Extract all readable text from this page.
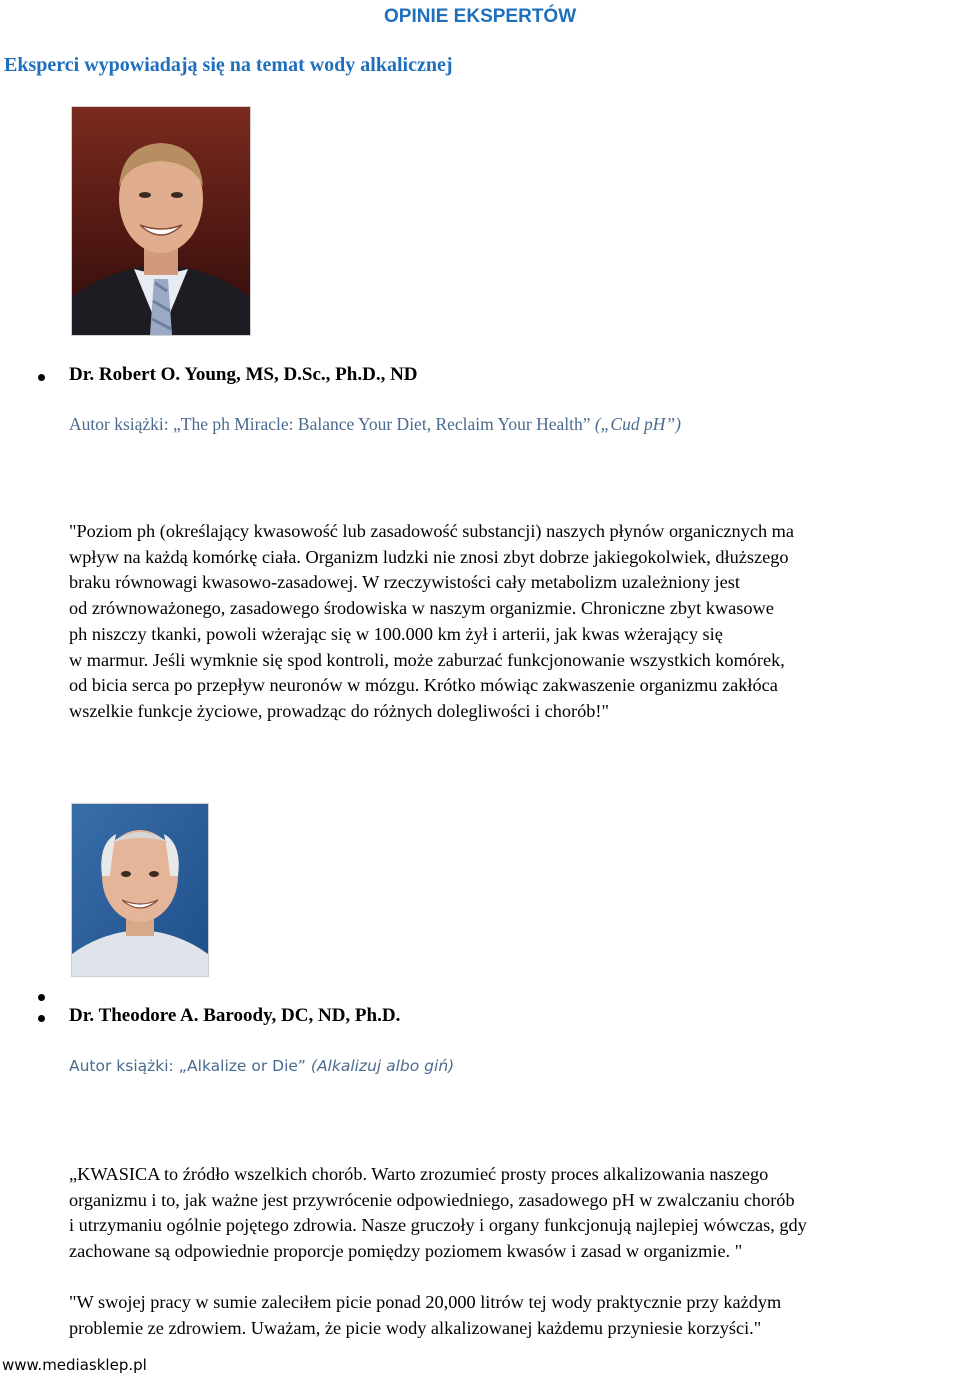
OPINIE EKSPERTÓW
Eksperci wypowiadają się na temat wody alkalicznej
Dr. Robert O. Young, MS, D.Sc., Ph.D., ND
Autor książki: „The ph Miracle: Balance Your Diet, Reclaim Your Health” („Cud pH”)

"Poziom ph (określający kwasowość lub zasadowość substancji) naszych płynów organicznych ma

wpływ na każdą komórkę ciała. Organizm ludzki nie znosi zbyt dobrze jakiegokolwiek, dłuższego

braku równowagi kwasowo-zasadowej. W rzeczywistości cały metabolizm uzależniony jest

od zrównoważonego, zasadowego środowiska w naszym organizmie. Chroniczne zbyt kwasowe

ph niszczy tkanki, powoli wżerając się w 100.000 km żył i arterii, jak kwas wżerający się

w marmur. Jeśli wymknie się spod kontroli, może zaburzać funkcjonowanie wszystkich komórek,

od bicia serca po przepływ neuronów w mózgu. Krótko mówiąc zakwaszenie organizmu zakłóca

wszelkie funkcje życiowe, prowadząc do różnych dolegliwości i chorób!"

Dr. Theodore A. Baroody, DC, ND, Ph.D.
Autor książki: „Alkalize or Die” (Alkalizuj albo giń)

„KWASICA to źródło wszelkich chorób. Warto zrozumieć prosty proces alkalizowania naszego

organizmu i to, jak ważne jest przywrócenie odpowiedniego, zasadowego pH w zwalczaniu chorób

i utrzymaniu ogólnie pojętego zdrowia. Nasze gruczoły i organy funkcjonują najlepiej wówczas, gdy

zachowane są odpowiednie proporcje pomiędzy poziomem kwasów i zasad w organizmie. "

"W swojej pracy w sumie zaleciłem picie ponad 20,000 litrów tej wody praktycznie przy każdym

problemie ze zdrowiem. Uważam, że picie wody alkalizowanej każdemu przyniesie korzyści."

www.mediasklep.pl
